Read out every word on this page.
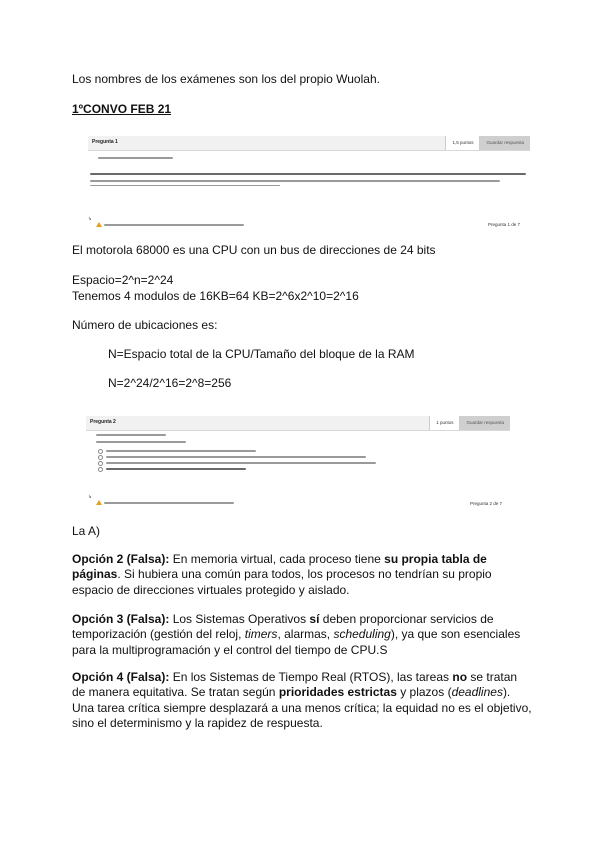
Los nombres de los exámenes son los del propio Wuolah.

1ºCONVO FEB 21

Pregunta 1	1,5 puntos	Guardar respuesta
↳
Pregunta 1 de 7

El motorola 68000 es una CPU con un bus de direcciones de 24 bits

Espacio=2^n=2^24

Tenemos 4 modulos de 16KB=64 KB=2^6x2^10=2^16

Número de ubicaciones es:

N=Espacio total de la CPU/Tamaño del bloque de la RAM

N=2^24/2^16=2^8=256

Pregunta 2	1 puntos	Guardar respuesta
↳
Pregunta 2 de 7

La A)

Opción 2 (Falsa): En memoria virtual, cada proceso tiene su propia tabla de páginas. Si hubiera una común para todos, los procesos no tendrían su propio espacio de direcciones virtuales protegido y aislado.

Opción 3 (Falsa): Los Sistemas Operativos sí deben proporcionar servicios de temporización (gestión del reloj, timers, alarmas, scheduling), ya que son esenciales para la multiprogramación y el control del tiempo de CPU.S

Opción 4 (Falsa): En los Sistemas de Tiempo Real (RTOS), las tareas no se tratan de manera equitativa. Se tratan según prioridades estrictas y plazos (deadlines). Una tarea crítica siempre desplazará a una menos crítica; la equidad no es el objetivo, sino el determinismo y la rapidez de respuesta.
